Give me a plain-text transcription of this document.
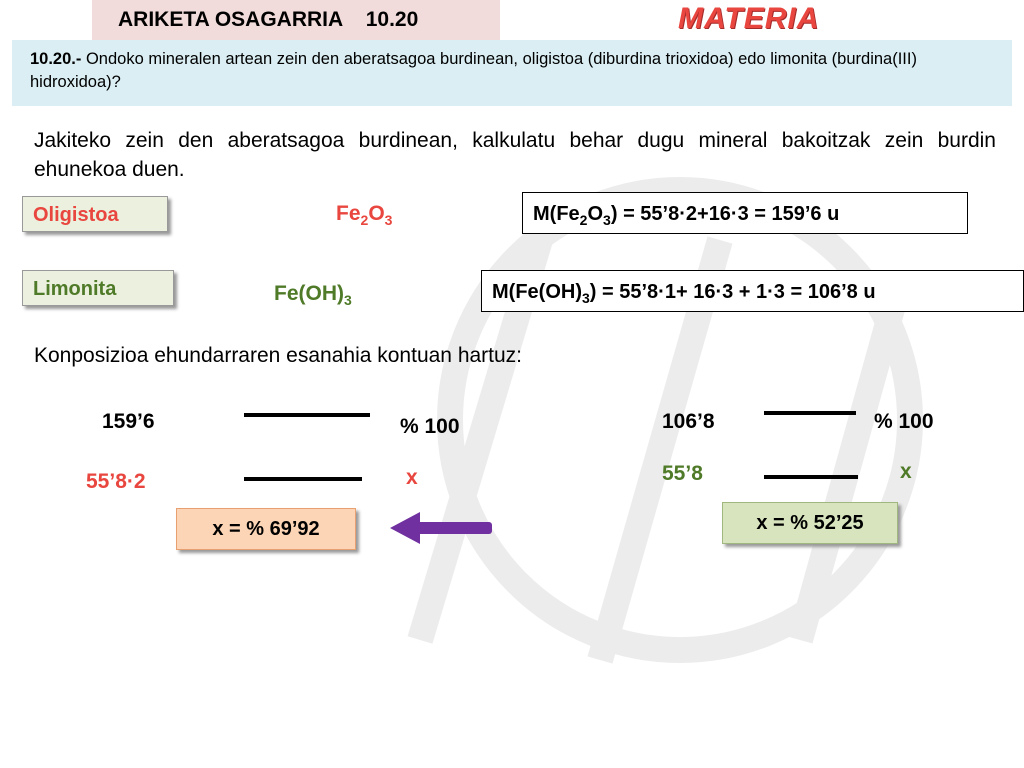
ARIKETA OSAGARRIA 10.20	MATERIA
10.20.- Ondoko mineralen artean zein den aberatsagoa burdinean, oligistoa (diburdina trioxidoa) edo limonita (burdina(III) hidroxidoa)?
Jakiteko zein den aberatsagoa burdinean, kalkulatu behar dugu mineral bakoitzak zein burdin ehunekoa duen.
Oligistoa	$Fe_2O_3$	$M(Fe_2O_3)$ = 55’8·2+16·3 = 159’6 u
Limonita	$Fe(OH)_3$	$M(Fe(OH)_3)$ = 55’8·1+ 16·3 + 1·3 = 106’8 u
Konposizioa ehundarraren esanahia kontuan hartuz:
159’6	% 100
55’8·2	x
x = % 69’92
106’8	% 100
55’8	x
x = % 52’25
